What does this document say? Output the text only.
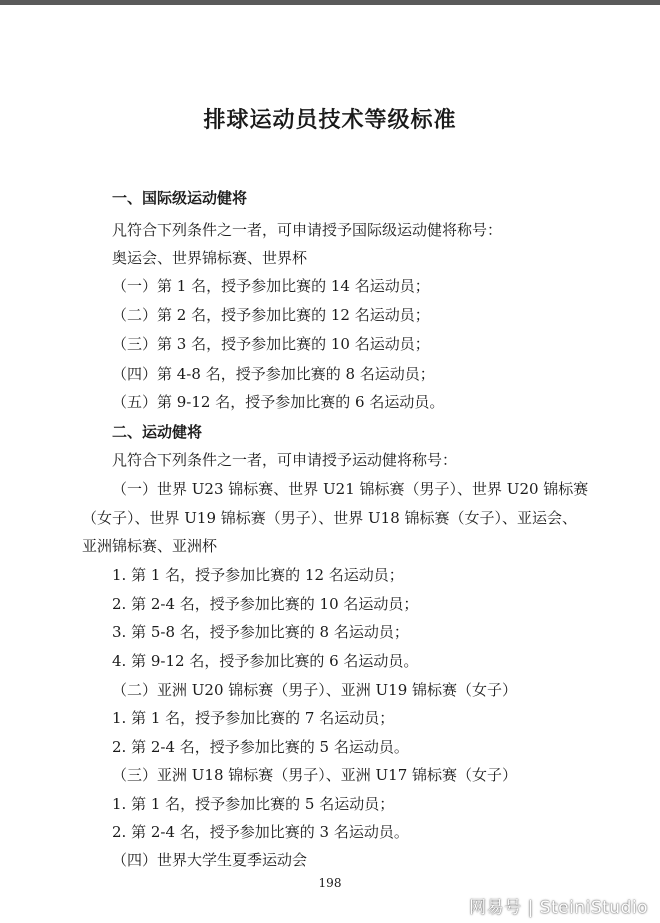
排球运动员技术等级标准
一、国际级运动健将
凡符合下列条件之一者，可申请授予国际级运动健将称号：
奥运会、世界锦标赛、世界杯
（一）第 1 名，授予参加比赛的 14 名运动员；
（二）第 2 名，授予参加比赛的 12 名运动员；
（三）第 3 名，授予参加比赛的 10 名运动员；
（四）第 4-8 名，授予参加比赛的 8 名运动员；
（五）第 9-12 名，授予参加比赛的 6 名运动员。
二、运动健将
凡符合下列条件之一者，可申请授予运动健将称号：
（一）世界 U23 锦标赛、世界 U21 锦标赛（男子）、世界 U20 锦标赛
（女子）、世界 U19 锦标赛（男子）、世界 U18 锦标赛（女子）、亚运会、
亚洲锦标赛、亚洲杯
1. 第 1 名，授予参加比赛的 12 名运动员；
2. 第 2-4 名，授予参加比赛的 10 名运动员；
3. 第 5-8 名，授予参加比赛的 8 名运动员；
4. 第 9-12 名，授予参加比赛的 6 名运动员。
（二）亚洲 U20 锦标赛（男子）、亚洲 U19 锦标赛（女子）
1. 第 1 名，授予参加比赛的 7 名运动员；
2. 第 2-4 名，授予参加比赛的 5 名运动员。
（三）亚洲 U18 锦标赛（男子）、亚洲 U17 锦标赛（女子）
1. 第 1 名，授予参加比赛的 5 名运动员；
2. 第 2-4 名，授予参加比赛的 3 名运动员。
（四）世界大学生夏季运动会
198
网易号 | SteiniStudio
